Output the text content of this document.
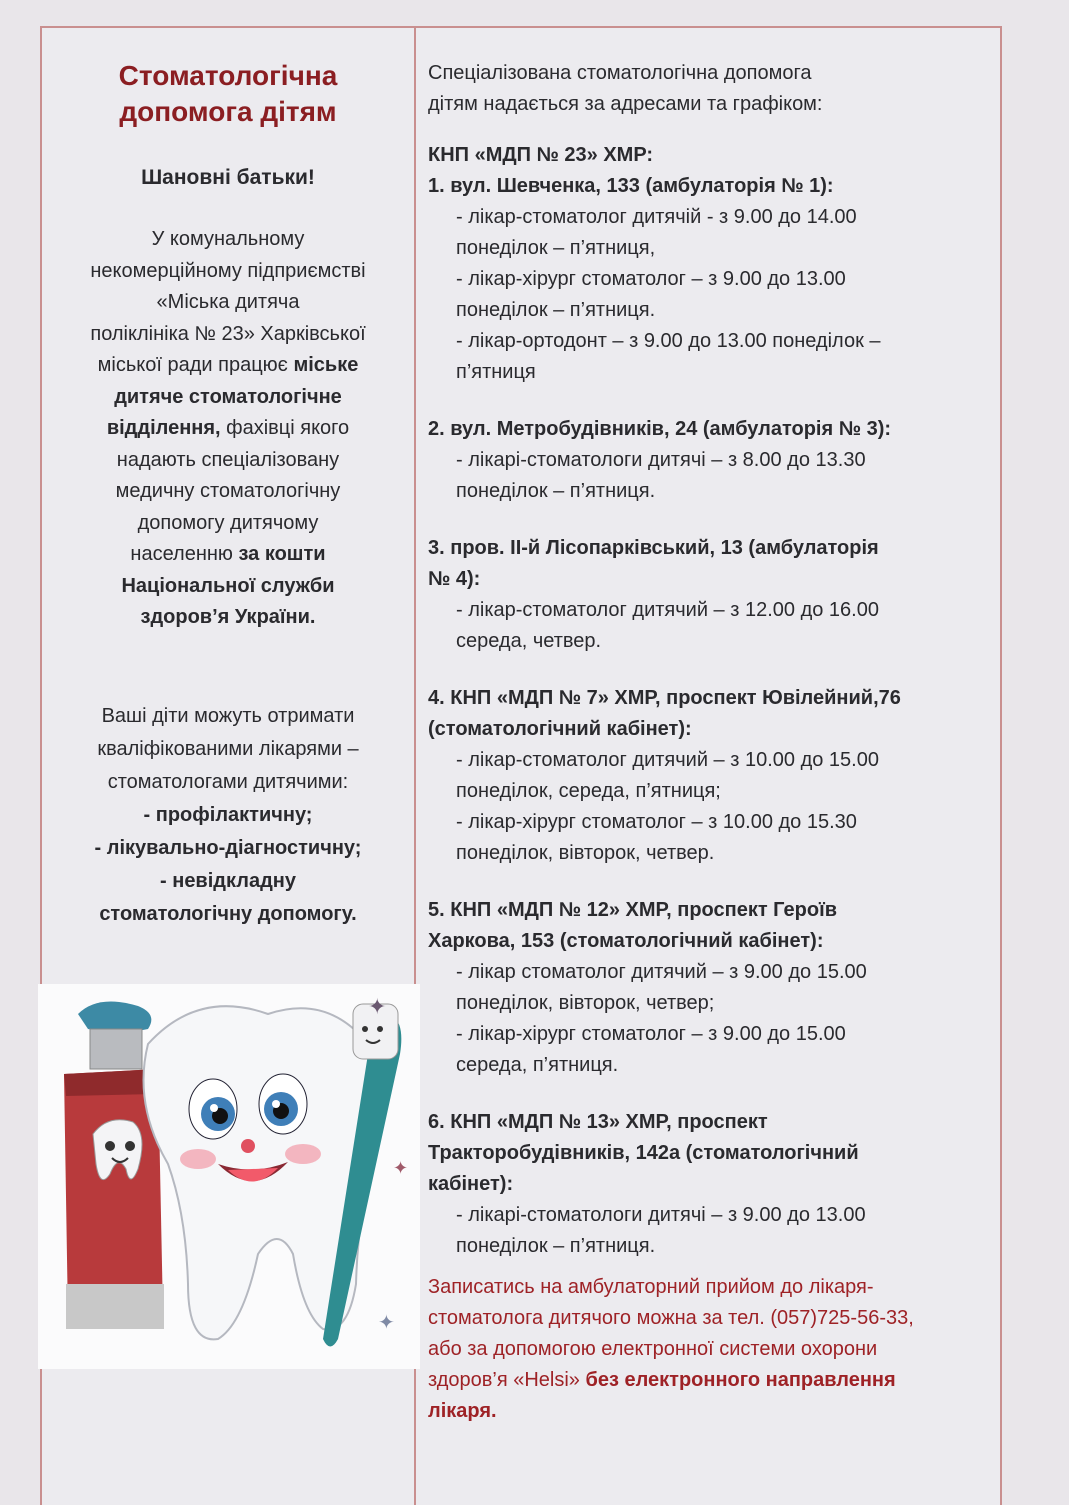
Стоматологічна
допомога дітям
Шановні батьки!
У комунальному
некомерційному підприємстві
«Міська дитяча
поліклініка № 23» Харківської
міської ради працює міське
дитяче стоматологічне
відділення, фахівці якого
надають спеціалізовану
медичну стоматологічну
допомогу дитячому
населенню за кошти
Національної служби
здоров’я України.
Ваші діти можуть отримати
кваліфікованими лікарями –
стоматологами дитячими:
- профілактичну;
- лікувально-діагностичну;
- невідкладну
стоматологічну допомогу.
✦
✦
✦
Спеціалізована стоматологічна допомога
дітям надається за адресами та графіком:
КНП «МДП № 23» ХМР:
1. вул. Шевченка, 133 (амбулаторія № 1):
- лікар-стоматолог дитячій - з 9.00 до 14.00
понеділок – п’ятниця,
- лікар-хірург стоматолог – з 9.00 до 13.00
понеділок – п’ятниця.
- лікар-ортодонт – з 9.00 до 13.00 понеділок –
п’ятниця
2. вул. Метробудівників, 24 (амбулаторія № 3):
- лікарі-стоматологи дитячі – з 8.00 до 13.30
понеділок – п’ятниця.
3. пров. ІІ-й Лісопарківський, 13 (амбулаторія
№ 4):
- лікар-стоматолог дитячий – з 12.00 до 16.00
середа, четвер.
4. КНП «МДП № 7» ХМР, проспект Ювілейний,76
(стоматологічний кабінет):
- лікар-стоматолог дитячий – з 10.00 до 15.00
понеділок, середа, п’ятниця;
- лікар-хірург стоматолог – з 10.00 до 15.30
понеділок, вівторок, четвер.
5. КНП «МДП № 12» ХМР, проспект Героїв
Харкова, 153 (стоматологічний кабінет):
- лікар стоматолог дитячий – з 9.00 до 15.00
понеділок, вівторок, четвер;
- лікар-хірург стоматолог – з 9.00 до 15.00
середа, п’ятниця.
6. КНП «МДП № 13» ХМР, проспект
Тракторобудівників, 142а (стоматологічний
кабінет):
- лікарі-стоматологи дитячі – з 9.00 до 13.00
понеділок – п’ятниця.
Записатись на амбулаторний прийом до лікаря-
стоматолога дитячого можна за тел. (057)725-56-33,
або за допомогою електронної системи охорони
здоров’я «Helsi» без електронного направлення
лікаря.
